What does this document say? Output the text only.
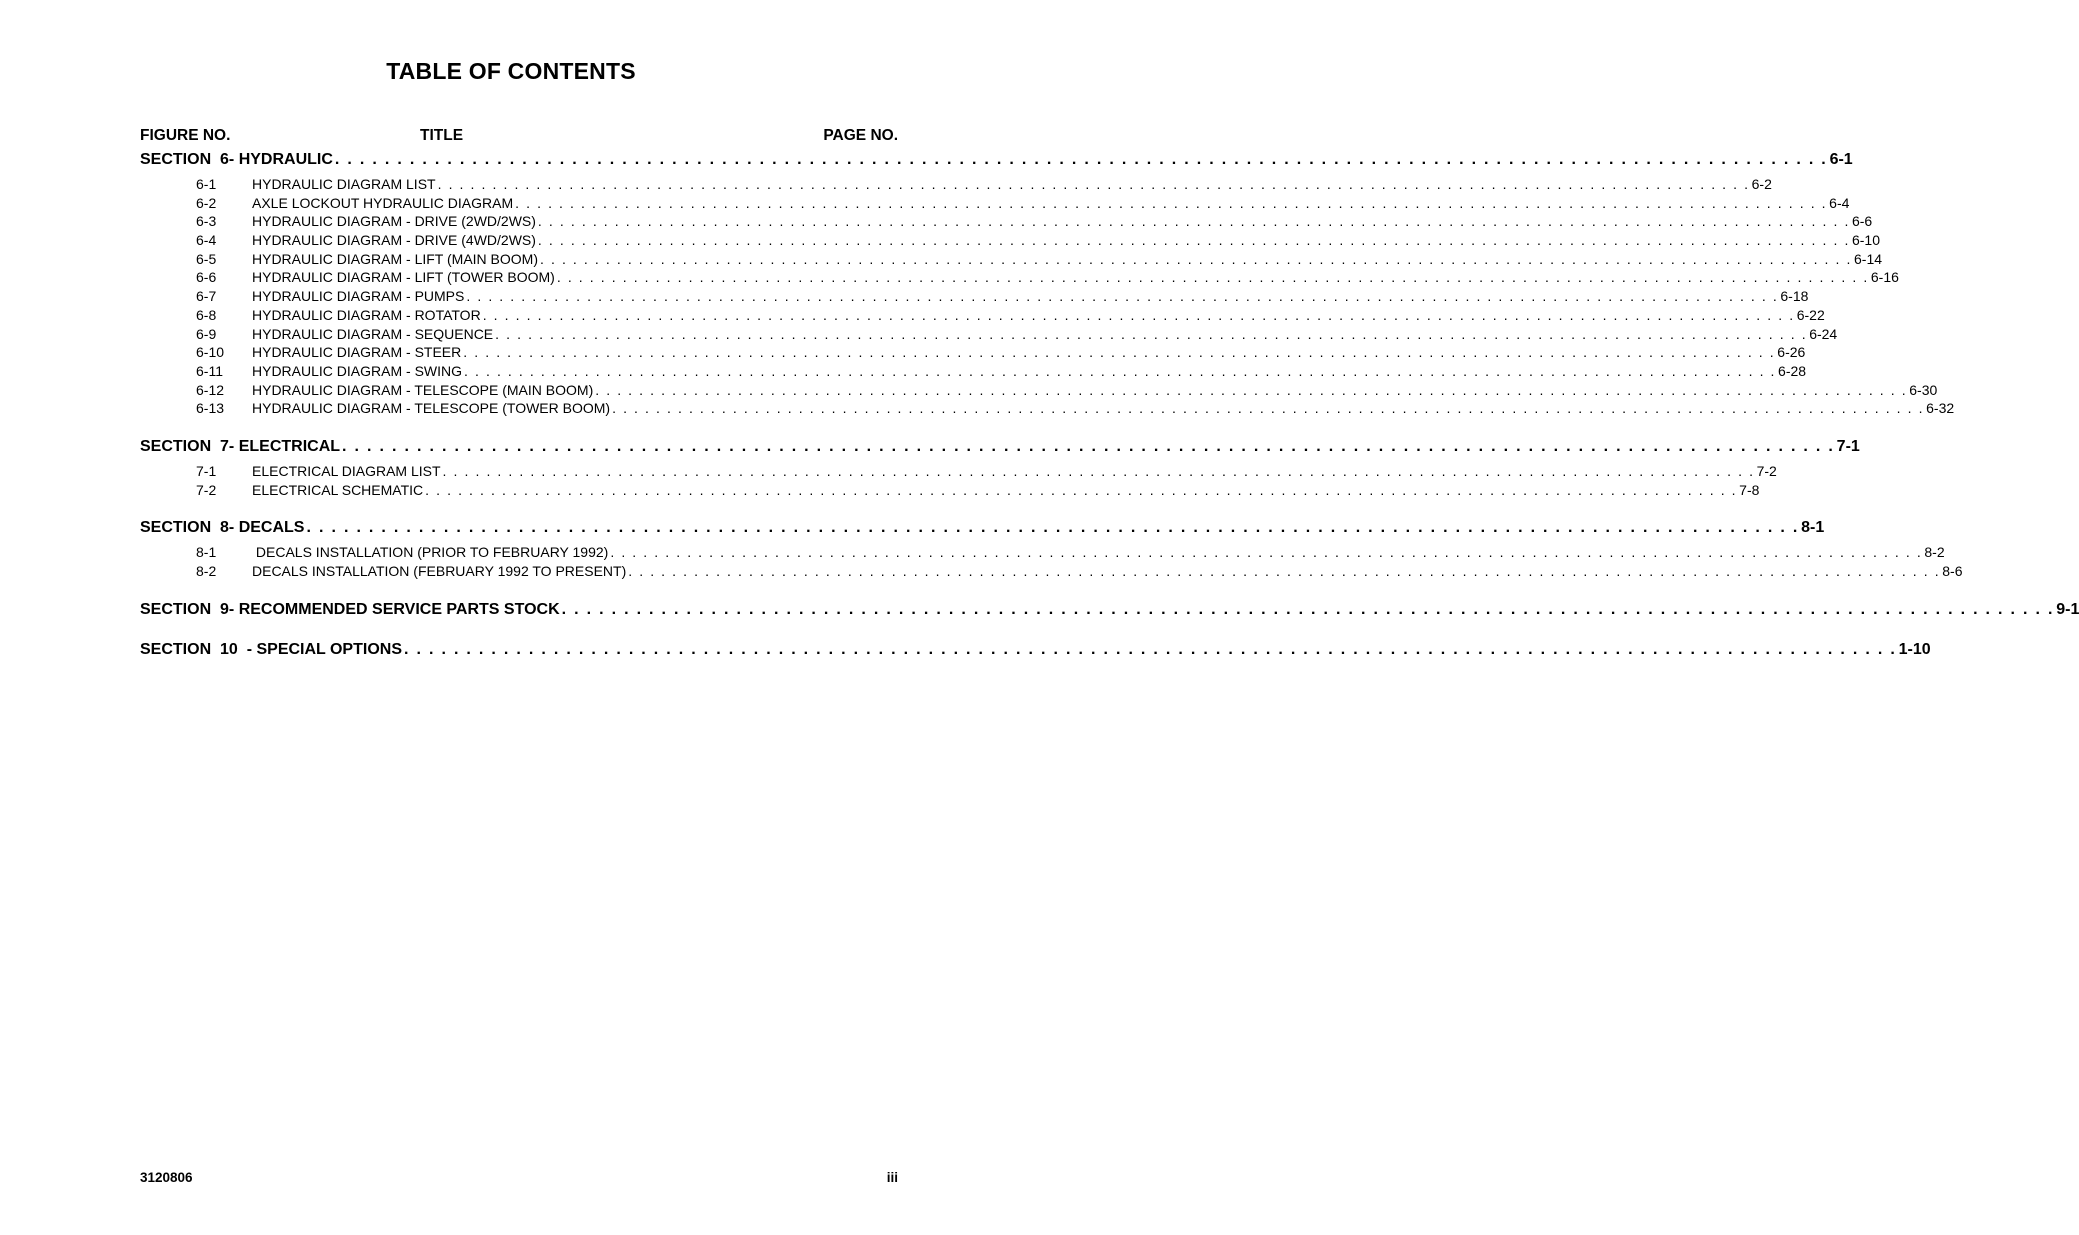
TABLE OF CONTENTS
FIGURE NO.	TITLE	PAGE NO.
SECTION
6 - HYDRAULIC . . . . . . . . . . . . . . . . . . . . . . . . . . . . . . . . . . . . . . . . . . . . . . . . . . . . . . . . . . . . . . . . . . . . . . . . . . . . . . . . . . . . . . . . . . . . . . . . . . . . . . . . . . . . . . . . . . . . . . . . 6-1
6-1	HYDRAULIC DIAGRAM LIST . . . . . . . . . . . . . . . . . . . . . . . . . . . . . . . . . . . . . . . . . . . . . . . . . . . . . . . . . . . . . . . . . . . . . . . . . . . . . . . . . . . . . . . . . . . . . . . . . . . . . . . . . . . . . . . . . . . . . . . . 6-2
6-2	AXLE LOCKOUT HYDRAULIC DIAGRAM . . . . . . . . . . . . . . . . . . . . . . . . . . . . . . . . . . . . . . . . . . . . . . . . . . . . . . . . . . . . . . . . . . . . . . . . . . . . . . . . . . . . . . . . . . . . . . . . . . . . . . . . . . . . . . . . . . . . . . . . 6-4
6-3	HYDRAULIC DIAGRAM - DRIVE (2WD/2WS) . . . . . . . . . . . . . . . . . . . . . . . . . . . . . . . . . . . . . . . . . . . . . . . . . . . . . . . . . . . . . . . . . . . . . . . . . . . . . . . . . . . . . . . . . . . . . . . . . . . . . . . . . . . . . . . . . . . . . . . . 6-6
6-4	HYDRAULIC DIAGRAM - DRIVE (4WD/2WS) . . . . . . . . . . . . . . . . . . . . . . . . . . . . . . . . . . . . . . . . . . . . . . . . . . . . . . . . . . . . . . . . . . . . . . . . . . . . . . . . . . . . . . . . . . . . . . . . . . . . . . . . . . . . . . . . . . . . . . . . 6-10
6-5	HYDRAULIC DIAGRAM - LIFT (MAIN BOOM) . . . . . . . . . . . . . . . . . . . . . . . . . . . . . . . . . . . . . . . . . . . . . . . . . . . . . . . . . . . . . . . . . . . . . . . . . . . . . . . . . . . . . . . . . . . . . . . . . . . . . . . . . . . . . . . . . . . . . . . . 6-14
6-6	HYDRAULIC DIAGRAM - LIFT (TOWER BOOM) . . . . . . . . . . . . . . . . . . . . . . . . . . . . . . . . . . . . . . . . . . . . . . . . . . . . . . . . . . . . . . . . . . . . . . . . . . . . . . . . . . . . . . . . . . . . . . . . . . . . . . . . . . . . . . . . . . . . . . . . 6-16
6-7	HYDRAULIC DIAGRAM - PUMPS . . . . . . . . . . . . . . . . . . . . . . . . . . . . . . . . . . . . . . . . . . . . . . . . . . . . . . . . . . . . . . . . . . . . . . . . . . . . . . . . . . . . . . . . . . . . . . . . . . . . . . . . . . . . . . . . . . . . . . . . 6-18
6-8	HYDRAULIC DIAGRAM - ROTATOR . . . . . . . . . . . . . . . . . . . . . . . . . . . . . . . . . . . . . . . . . . . . . . . . . . . . . . . . . . . . . . . . . . . . . . . . . . . . . . . . . . . . . . . . . . . . . . . . . . . . . . . . . . . . . . . . . . . . . . . . 6-22
6-9	HYDRAULIC DIAGRAM - SEQUENCE . . . . . . . . . . . . . . . . . . . . . . . . . . . . . . . . . . . . . . . . . . . . . . . . . . . . . . . . . . . . . . . . . . . . . . . . . . . . . . . . . . . . . . . . . . . . . . . . . . . . . . . . . . . . . . . . . . . . . . . . 6-24
6-10	HYDRAULIC DIAGRAM - STEER . . . . . . . . . . . . . . . . . . . . . . . . . . . . . . . . . . . . . . . . . . . . . . . . . . . . . . . . . . . . . . . . . . . . . . . . . . . . . . . . . . . . . . . . . . . . . . . . . . . . . . . . . . . . . . . . . . . . . . . . 6-26
6-11	HYDRAULIC DIAGRAM - SWING . . . . . . . . . . . . . . . . . . . . . . . . . . . . . . . . . . . . . . . . . . . . . . . . . . . . . . . . . . . . . . . . . . . . . . . . . . . . . . . . . . . . . . . . . . . . . . . . . . . . . . . . . . . . . . . . . . . . . . . . 6-28
6-12	HYDRAULIC DIAGRAM - TELESCOPE (MAIN BOOM) . . . . . . . . . . . . . . . . . . . . . . . . . . . . . . . . . . . . . . . . . . . . . . . . . . . . . . . . . . . . . . . . . . . . . . . . . . . . . . . . . . . . . . . . . . . . . . . . . . . . . . . . . . . . . . . . . . . . . . . . 6-30
6-13	HYDRAULIC DIAGRAM - TELESCOPE (TOWER BOOM) . . . . . . . . . . . . . . . . . . . . . . . . . . . . . . . . . . . . . . . . . . . . . . . . . . . . . . . . . . . . . . . . . . . . . . . . . . . . . . . . . . . . . . . . . . . . . . . . . . . . . . . . . . . . . . . . . . . . . . . . 6-32
SECTION
7 - ELECTRICAL . . . . . . . . . . . . . . . . . . . . . . . . . . . . . . . . . . . . . . . . . . . . . . . . . . . . . . . . . . . . . . . . . . . . . . . . . . . . . . . . . . . . . . . . . . . . . . . . . . . . . . . . . . . . . . . . . . . . . . . . 7-1
7-1	ELECTRICAL DIAGRAM LIST . . . . . . . . . . . . . . . . . . . . . . . . . . . . . . . . . . . . . . . . . . . . . . . . . . . . . . . . . . . . . . . . . . . . . . . . . . . . . . . . . . . . . . . . . . . . . . . . . . . . . . . . . . . . . . . . . . . . . . . . 7-2
7-2	ELECTRICAL SCHEMATIC . . . . . . . . . . . . . . . . . . . . . . . . . . . . . . . . . . . . . . . . . . . . . . . . . . . . . . . . . . . . . . . . . . . . . . . . . . . . . . . . . . . . . . . . . . . . . . . . . . . . . . . . . . . . . . . . . . . . . . . . 7-8
SECTION
8 - DECALS . . . . . . . . . . . . . . . . . . . . . . . . . . . . . . . . . . . . . . . . . . . . . . . . . . . . . . . . . . . . . . . . . . . . . . . . . . . . . . . . . . . . . . . . . . . . . . . . . . . . . . . . . . . . . . . . . . . . . . . . 8-1
8-1	DECALS INSTALLATION (PRIOR TO FEBRUARY 1992) . . . . . . . . . . . . . . . . . . . . . . . . . . . . . . . . . . . . . . . . . . . . . . . . . . . . . . . . . . . . . . . . . . . . . . . . . . . . . . . . . . . . . . . . . . . . . . . . . . . . . . . . . . . . . . . . . . . . . . . . 8-2
8-2	DECALS INSTALLATION (FEBRUARY 1992 TO PRESENT) . . . . . . . . . . . . . . . . . . . . . . . . . . . . . . . . . . . . . . . . . . . . . . . . . . . . . . . . . . . . . . . . . . . . . . . . . . . . . . . . . . . . . . . . . . . . . . . . . . . . . . . . . . . . . . . . . . . . . . . . 8-6
SECTION
9 - RECOMMENDED SERVICE PARTS STOCK . . . . . . . . . . . . . . . . . . . . . . . . . . . . . . . . . . . . . . . . . . . . . . . . . . . . . . . . . . . . . . . . . . . . . . . . . . . . . . . . . . . . . . . . . . . . . . . . . . . . . . . . . . . . . . . . . . . . . . . . 9-1
SECTION
10 - SPECIAL OPTIONS . . . . . . . . . . . . . . . . . . . . . . . . . . . . . . . . . . . . . . . . . . . . . . . . . . . . . . . . . . . . . . . . . . . . . . . . . . . . . . . . . . . . . . . . . . . . . . . . . . . . . . . . . . . . . . . . . . . . . . . . 1-10
3120806	iii
